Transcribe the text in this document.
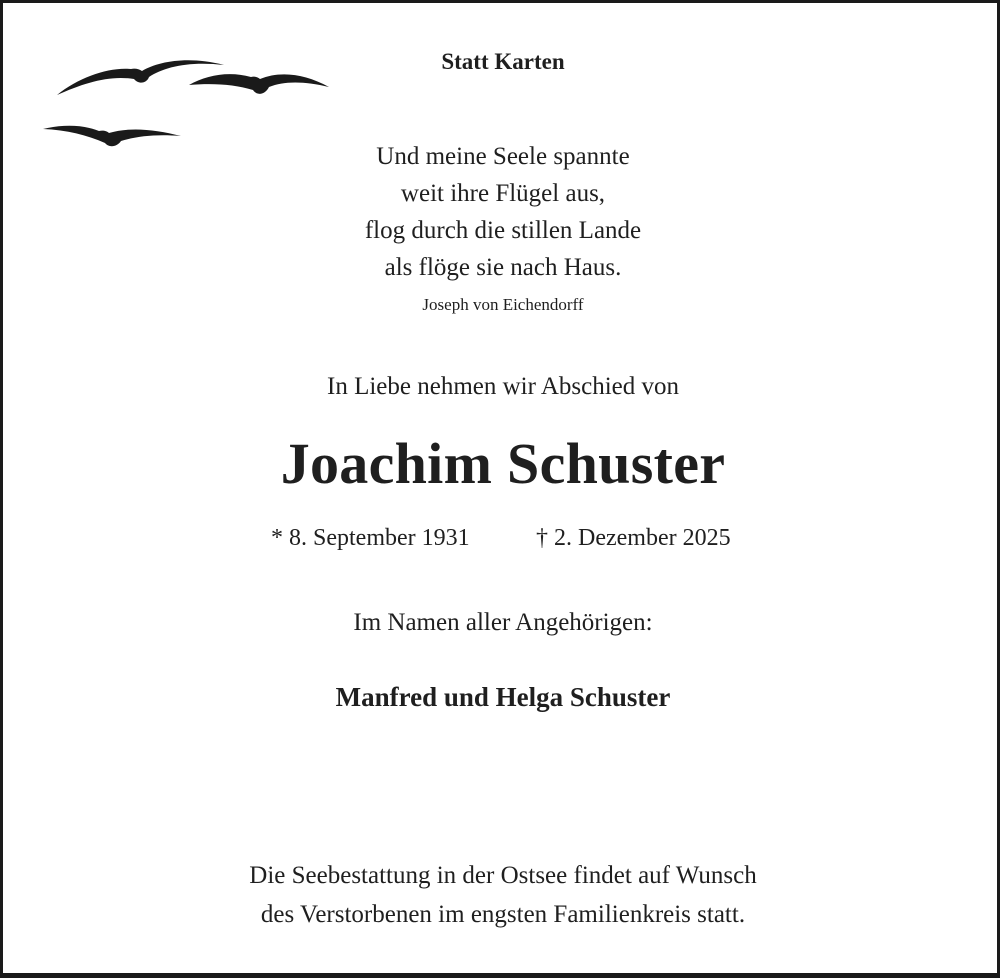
Statt Karten
Und meine Seele spannte
weit ihre Flügel aus,
flog durch die stillen Lande
als flöge sie nach Haus.
Joseph von Eichendorff
In Liebe nehmen wir Abschied von
Joachim Schuster
* 8. September 1931	† 2. Dezember 2025
Im Namen aller Angehörigen:
Manfred und Helga Schuster
Die Seebestattung in der Ostsee findet auf Wunsch
des Verstorbenen im engsten Familienkreis statt.
